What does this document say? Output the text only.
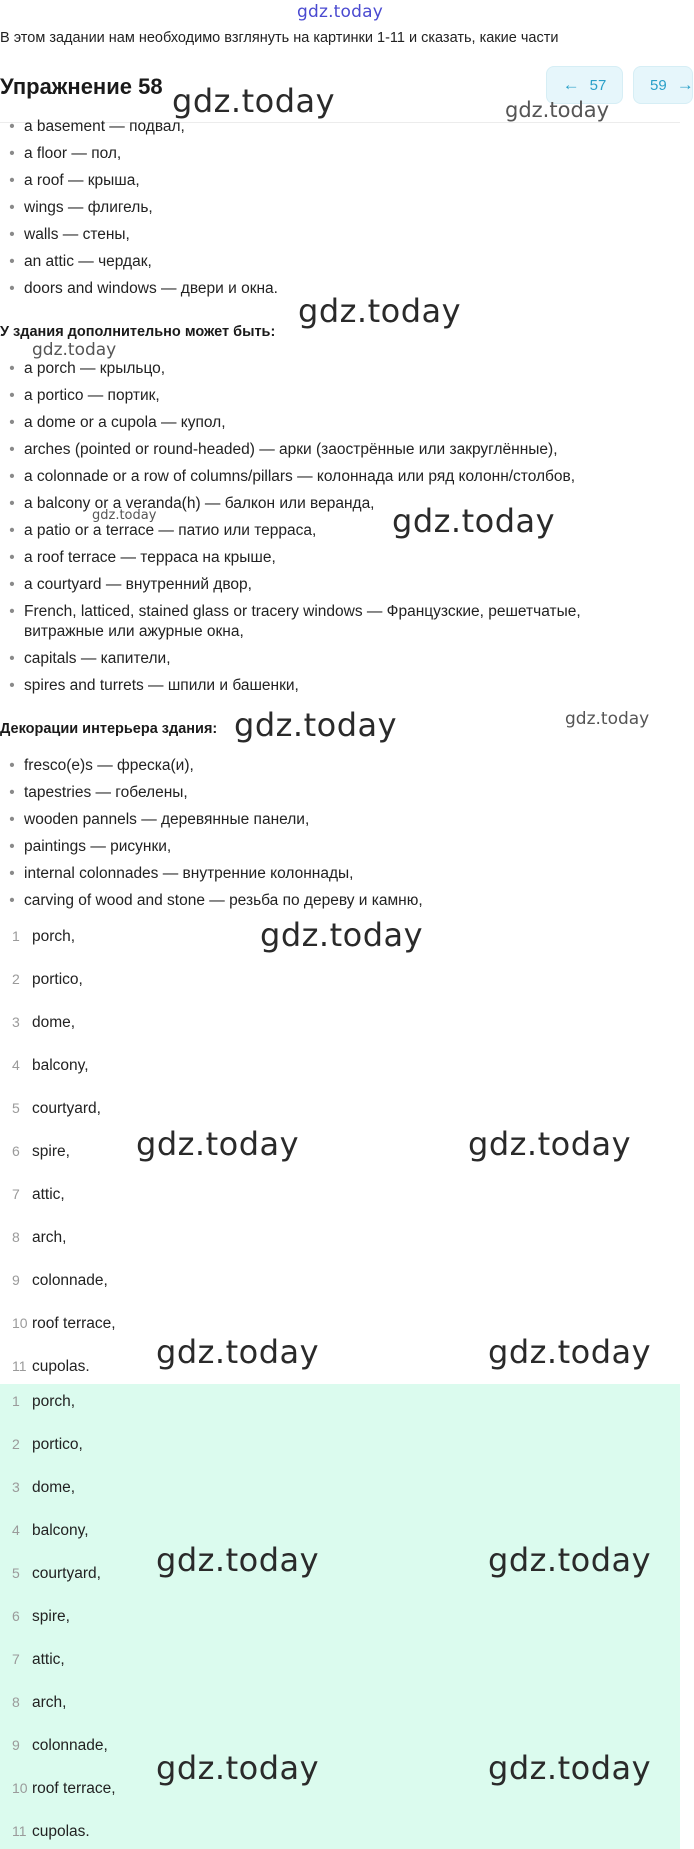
gdz.today
В этом задании нам необходимо взглянуть на картинки 1-11 и сказать, какие части
Упражнение 58	← 57	59 →
• a basement — подвал,
• a floor — пол,
• a roof — крыша,
• wings — флигель,
• walls — стены,
• an attic — чердак,
• doors and windows — двери и окна.
У здания дополнительно может быть:
• a porch — крыльцо,
• a portico — портик,
• a dome or a cupola — купол,
• arches (pointed or round-headed) — арки (заострённые или закруглённые),
• a colonnade or a row of columns/pillars — колоннада или ряд колонн/столбов,
• a balcony or a veranda(h) — балкон или веранда,
• a patio or a terrace — патио или терраса,
• a roof terrace — терраса на крыше,
• a courtyard — внутренний двор,
• French, latticed, stained glass or tracery windows — Французские, решетчатые,
витражные или ажурные окна,
• capitals — капители,
• spires and turrets — шпили и башенки,
Декорации интерьера здания:
• fresco(e)s — фреска(и),
• tapestries — гобелены,
• wooden pannels — деревянные панели,
• paintings — рисунки,
• internal colonnades — внутренние колоннады,
• carving of wood and stone — резьба по дереву и камню,
1 porch,
2 portico,
3 dome,
4 balcony,
5 courtyard,
6 spire,
7 attic,
8 arch,
9 colonnade,
10 roof terrace,
11 cupolas.
1 porch,
2 portico,
3 dome,
4 balcony,
5 courtyard,
6 spire,
7 attic,
8 arch,
9 colonnade,
10 roof terrace,
11 cupolas.
gdz.today	gdz.today
gdz.today
gdz.today
gdz.today	gdz.today
gdz.today	gdz.today
gdz.today
gdz.today	gdz.today
gdz.today	gdz.today
gdz.today	gdz.today
gdz.today	gdz.today
